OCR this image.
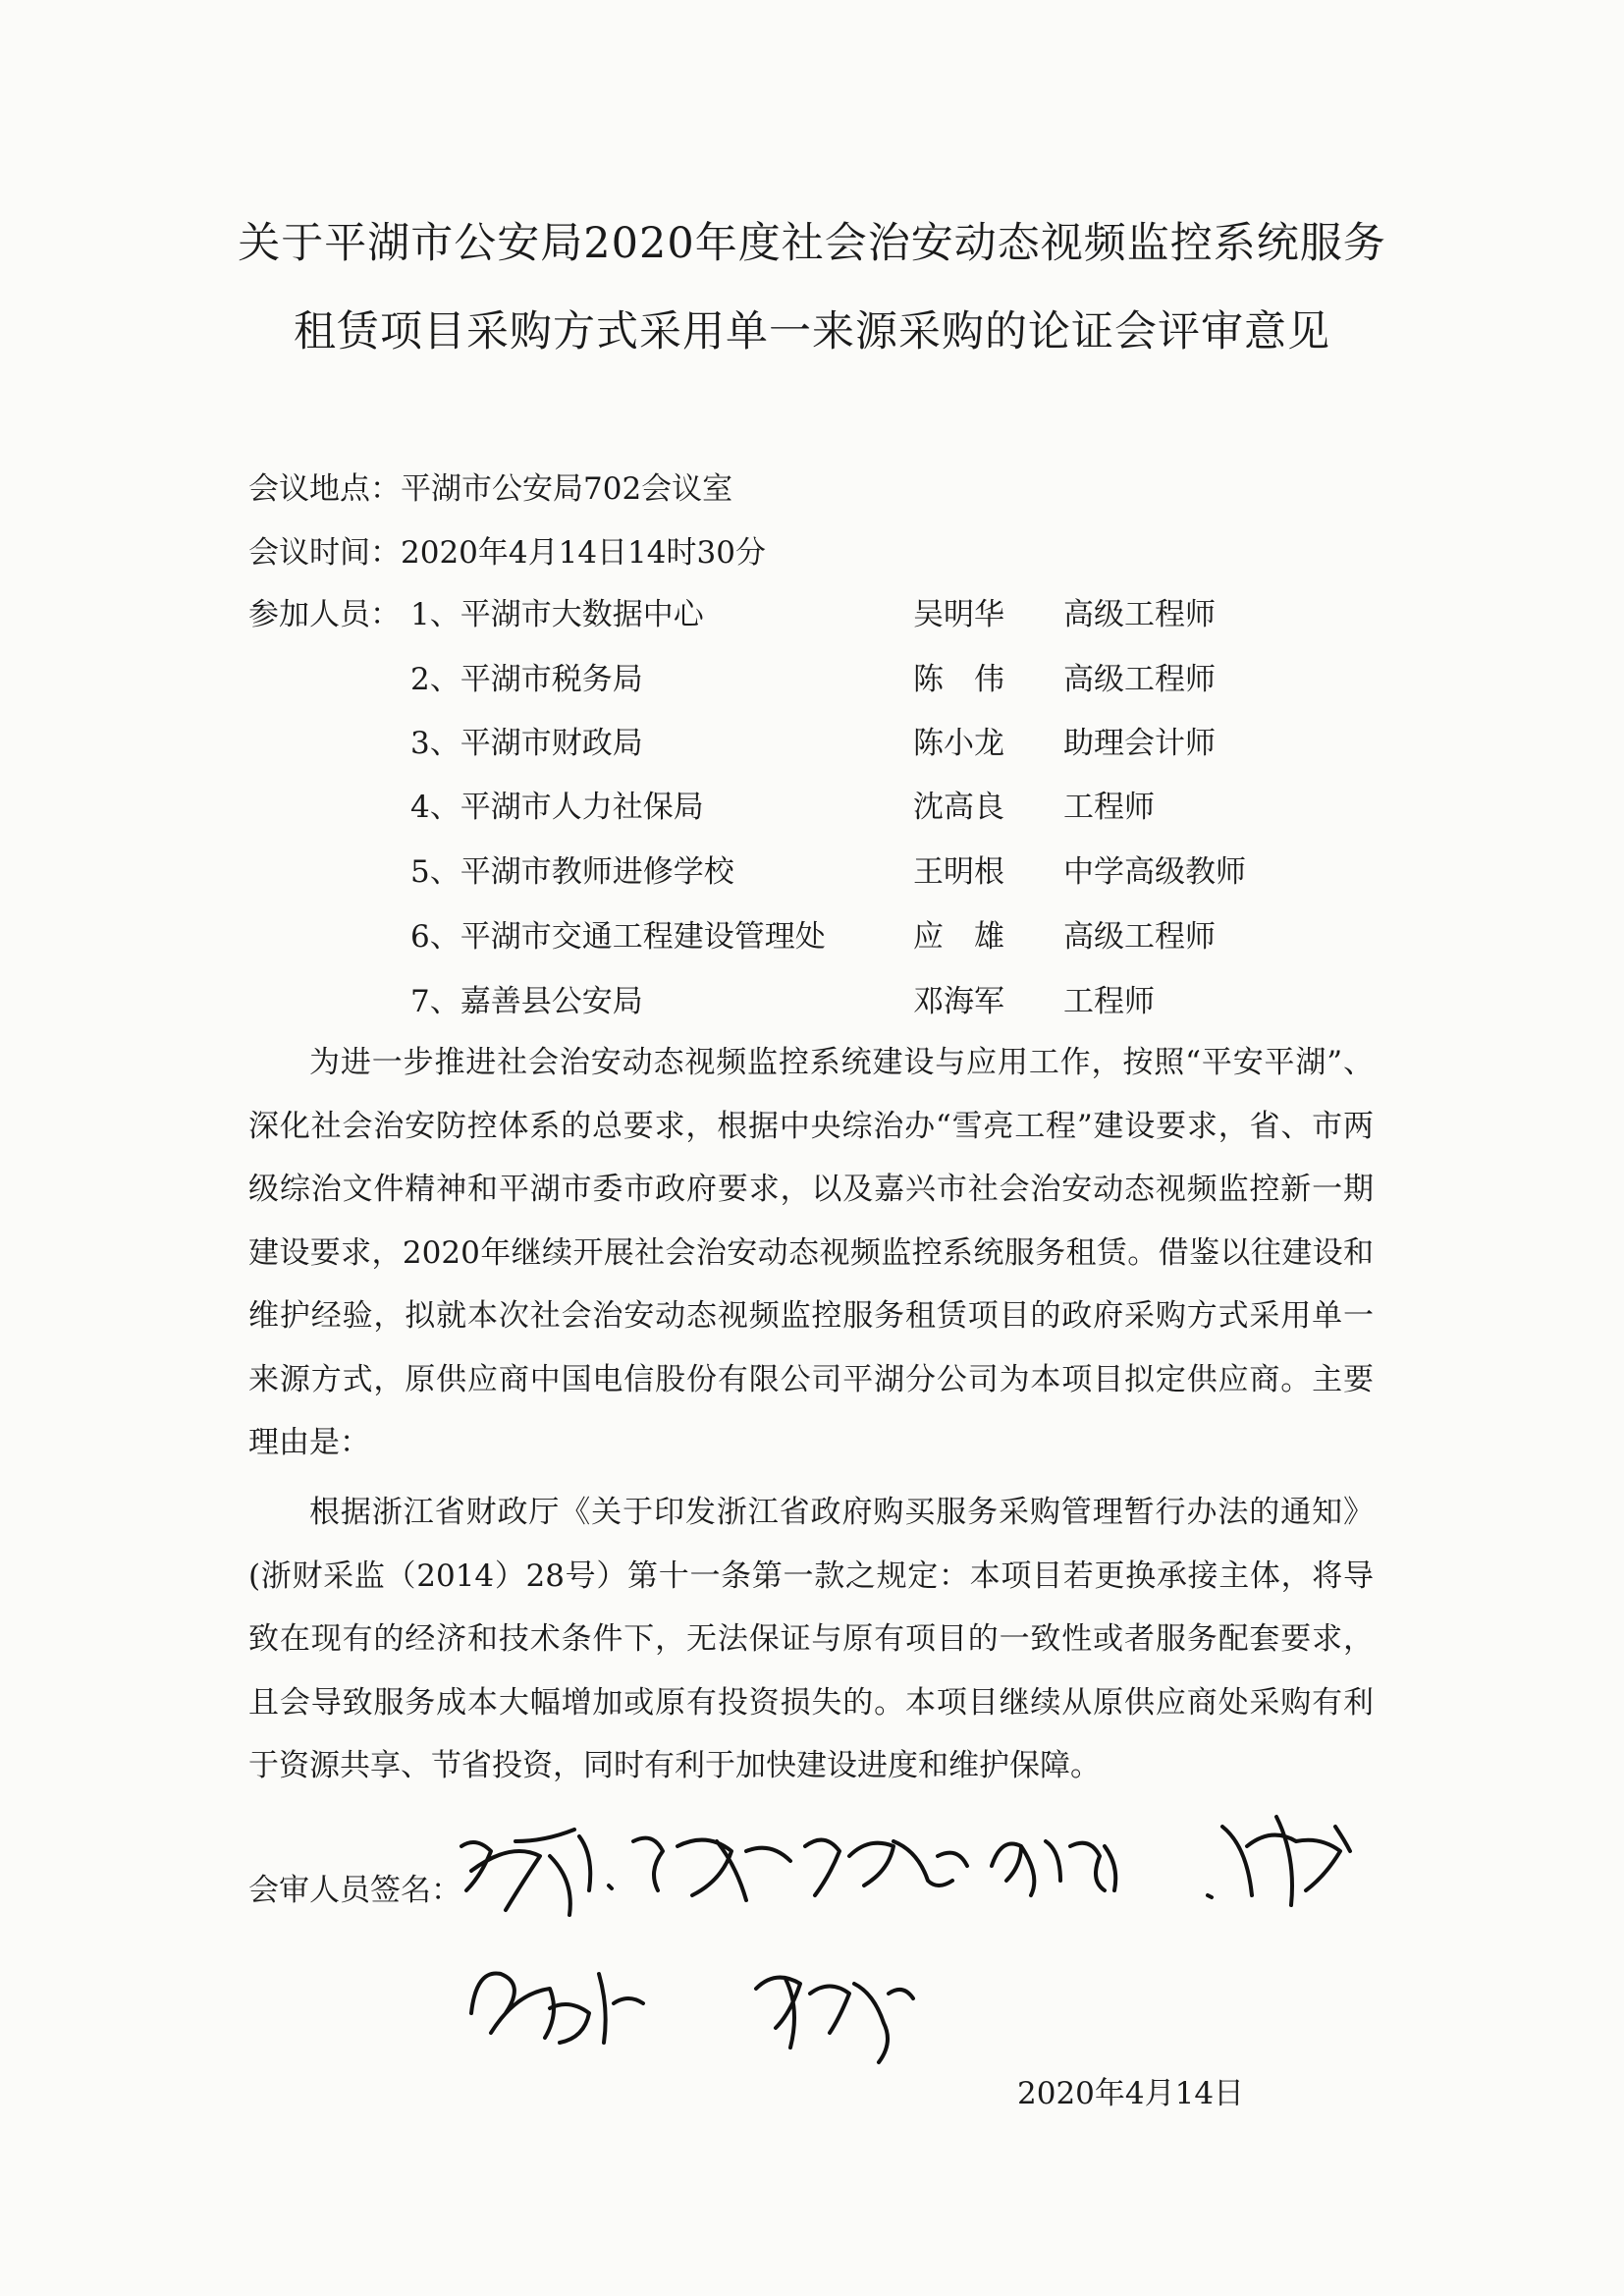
关于平湖市公安局2020年度社会治安动态视频监控系统服务
租赁项目采购方式采用单一来源采购的论证会评审意见
会议地点：平湖市公安局702会议室
会议时间：2020年4月14日14时30分
参加人员： 1、平湖市大数据中心	吴明华 高级工程师
2、平湖市税务局	陈　伟 高级工程师
3、平湖市财政局	陈小龙 助理会计师
4、平湖市人力社保局	沈高良 工程师
5、平湖市教师进修学校	王明根 中学高级教师
6、平湖市交通工程建设管理处	应　雄 高级工程师
7、嘉善县公安局	邓海军 工程师

为进一步推进社会治安动态视频监控系统建设与应用工作，按照“平安平湖”、深化社会治安防控体系的总要求，根据中央综治办“雪亮工程”建设要求，省、市两级综治文件精神和平湖市委市政府要求，以及嘉兴市社会治安动态视频监控新一期建设要求，2020年继续开展社会治安动态视频监控系统服务租赁。借鉴以往建设和维护经验，拟就本次社会治安动态视频监控服务租赁项目的政府采购方式采用单一来源方式，原供应商中国电信股份有限公司平湖分公司为本项目拟定供应商。主要理由是：

根据浙江省财政厅《关于印发浙江省政府购买服务采购管理暂行办法的通知》(浙财采监（2014）28号）第十一条第一款之规定：本项目若更换承接主体，将导致在现有的经济和技术条件下，无法保证与原有项目的一致性或者服务配套要求，且会导致服务成本大幅增加或原有投资损失的。本项目继续从原供应商处采购有利于资源共享、节省投资，同时有利于加快建设进度和维护保障。

会审人员签名：
2020年4月14日
